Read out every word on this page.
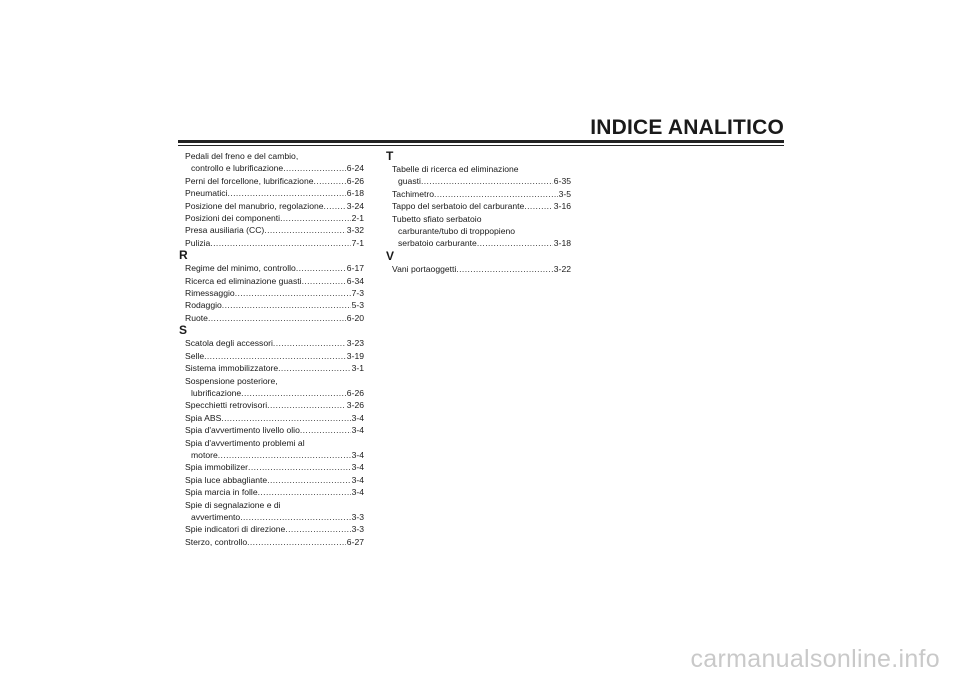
INDICE ANALITICO
Pedali del freno e del cambio,
controllo e lubrificazione .....	6-24
Perni del forcellone, lubrificazione .....	6-26
Pneumatici .....	6-18
Posizione del manubrio, regolazione .....	3-24
Posizioni dei componenti .....	2-1
Presa ausiliaria (CC) .....	3-32
Pulizia .....	7-1
R
Regime del minimo, controllo .....	6-17
Ricerca ed eliminazione guasti .....	6-34
Rimessaggio .....	7-3
Rodaggio .....	5-3
Ruote .....	6-20
S
Scatola degli accessori .....	3-23
Selle .....	3-19
Sistema immobilizzatore .....	3-1
Sospensione posteriore,
lubrificazione .....	6-26
Specchietti retrovisori .....	3-26
Spia ABS .....	3-4
Spia d'avvertimento livello olio .....	3-4
Spia d'avvertimento problemi al
motore .....	3-4
Spia immobilizer .....	3-4
Spia luce abbagliante .....	3-4
Spia marcia in folle .....	3-4
Spie di segnalazione e di
avvertimento .....	3-3
Spie indicatori di direzione .....	3-3
Sterzo, controllo .....	6-27
T
Tabelle di ricerca ed eliminazione
guasti .....	6-35
Tachimetro .....	3-5
Tappo del serbatoio del carburante .....	3-16
Tubetto sfiato serbatoio
carburante/tubo di troppopieno
serbatoio carburante .....	3-18
V
Vani portaoggetti .....	3-22
carmanualsonline.info
